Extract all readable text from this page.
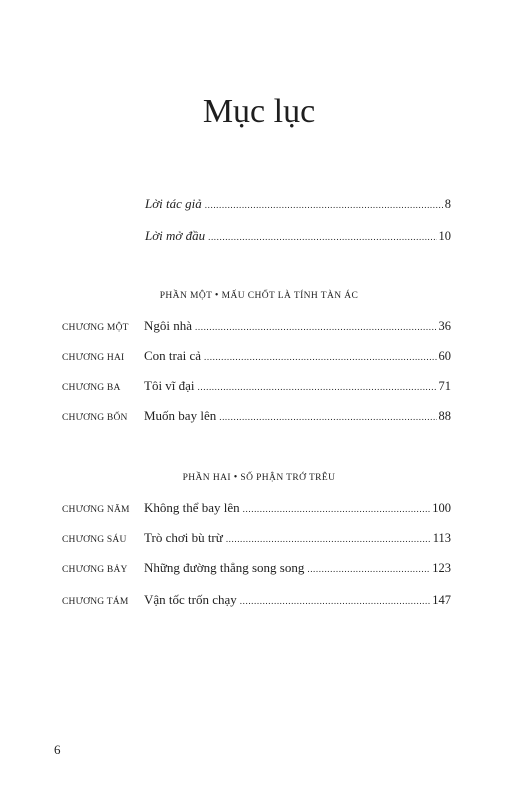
Mục lục
Lời tác giả .....	8
Lời mở đầu .....	10
PHẦN MỘT • MẤU CHỐT LÀ TÍNH TÀN ÁC
CHƯƠNG MỘT	Ngôi nhà .....	36
CHƯƠNG HAI	Con trai cả .....	60
CHƯƠNG BA	Tôi vĩ đại .....	71
CHƯƠNG BỐN	Muốn bay lên .....	88
PHẦN HAI • SỐ PHẬN TRỚ TRÊU
CHƯƠNG NĂM	Không thể bay lên .....	100
CHƯƠNG SÁU	Trò chơi bù trừ .....	113
CHƯƠNG BẢY	Những đường thẳng song song .....	123
CHƯƠNG TÁM	Vận tốc trốn chạy .....	147
6
